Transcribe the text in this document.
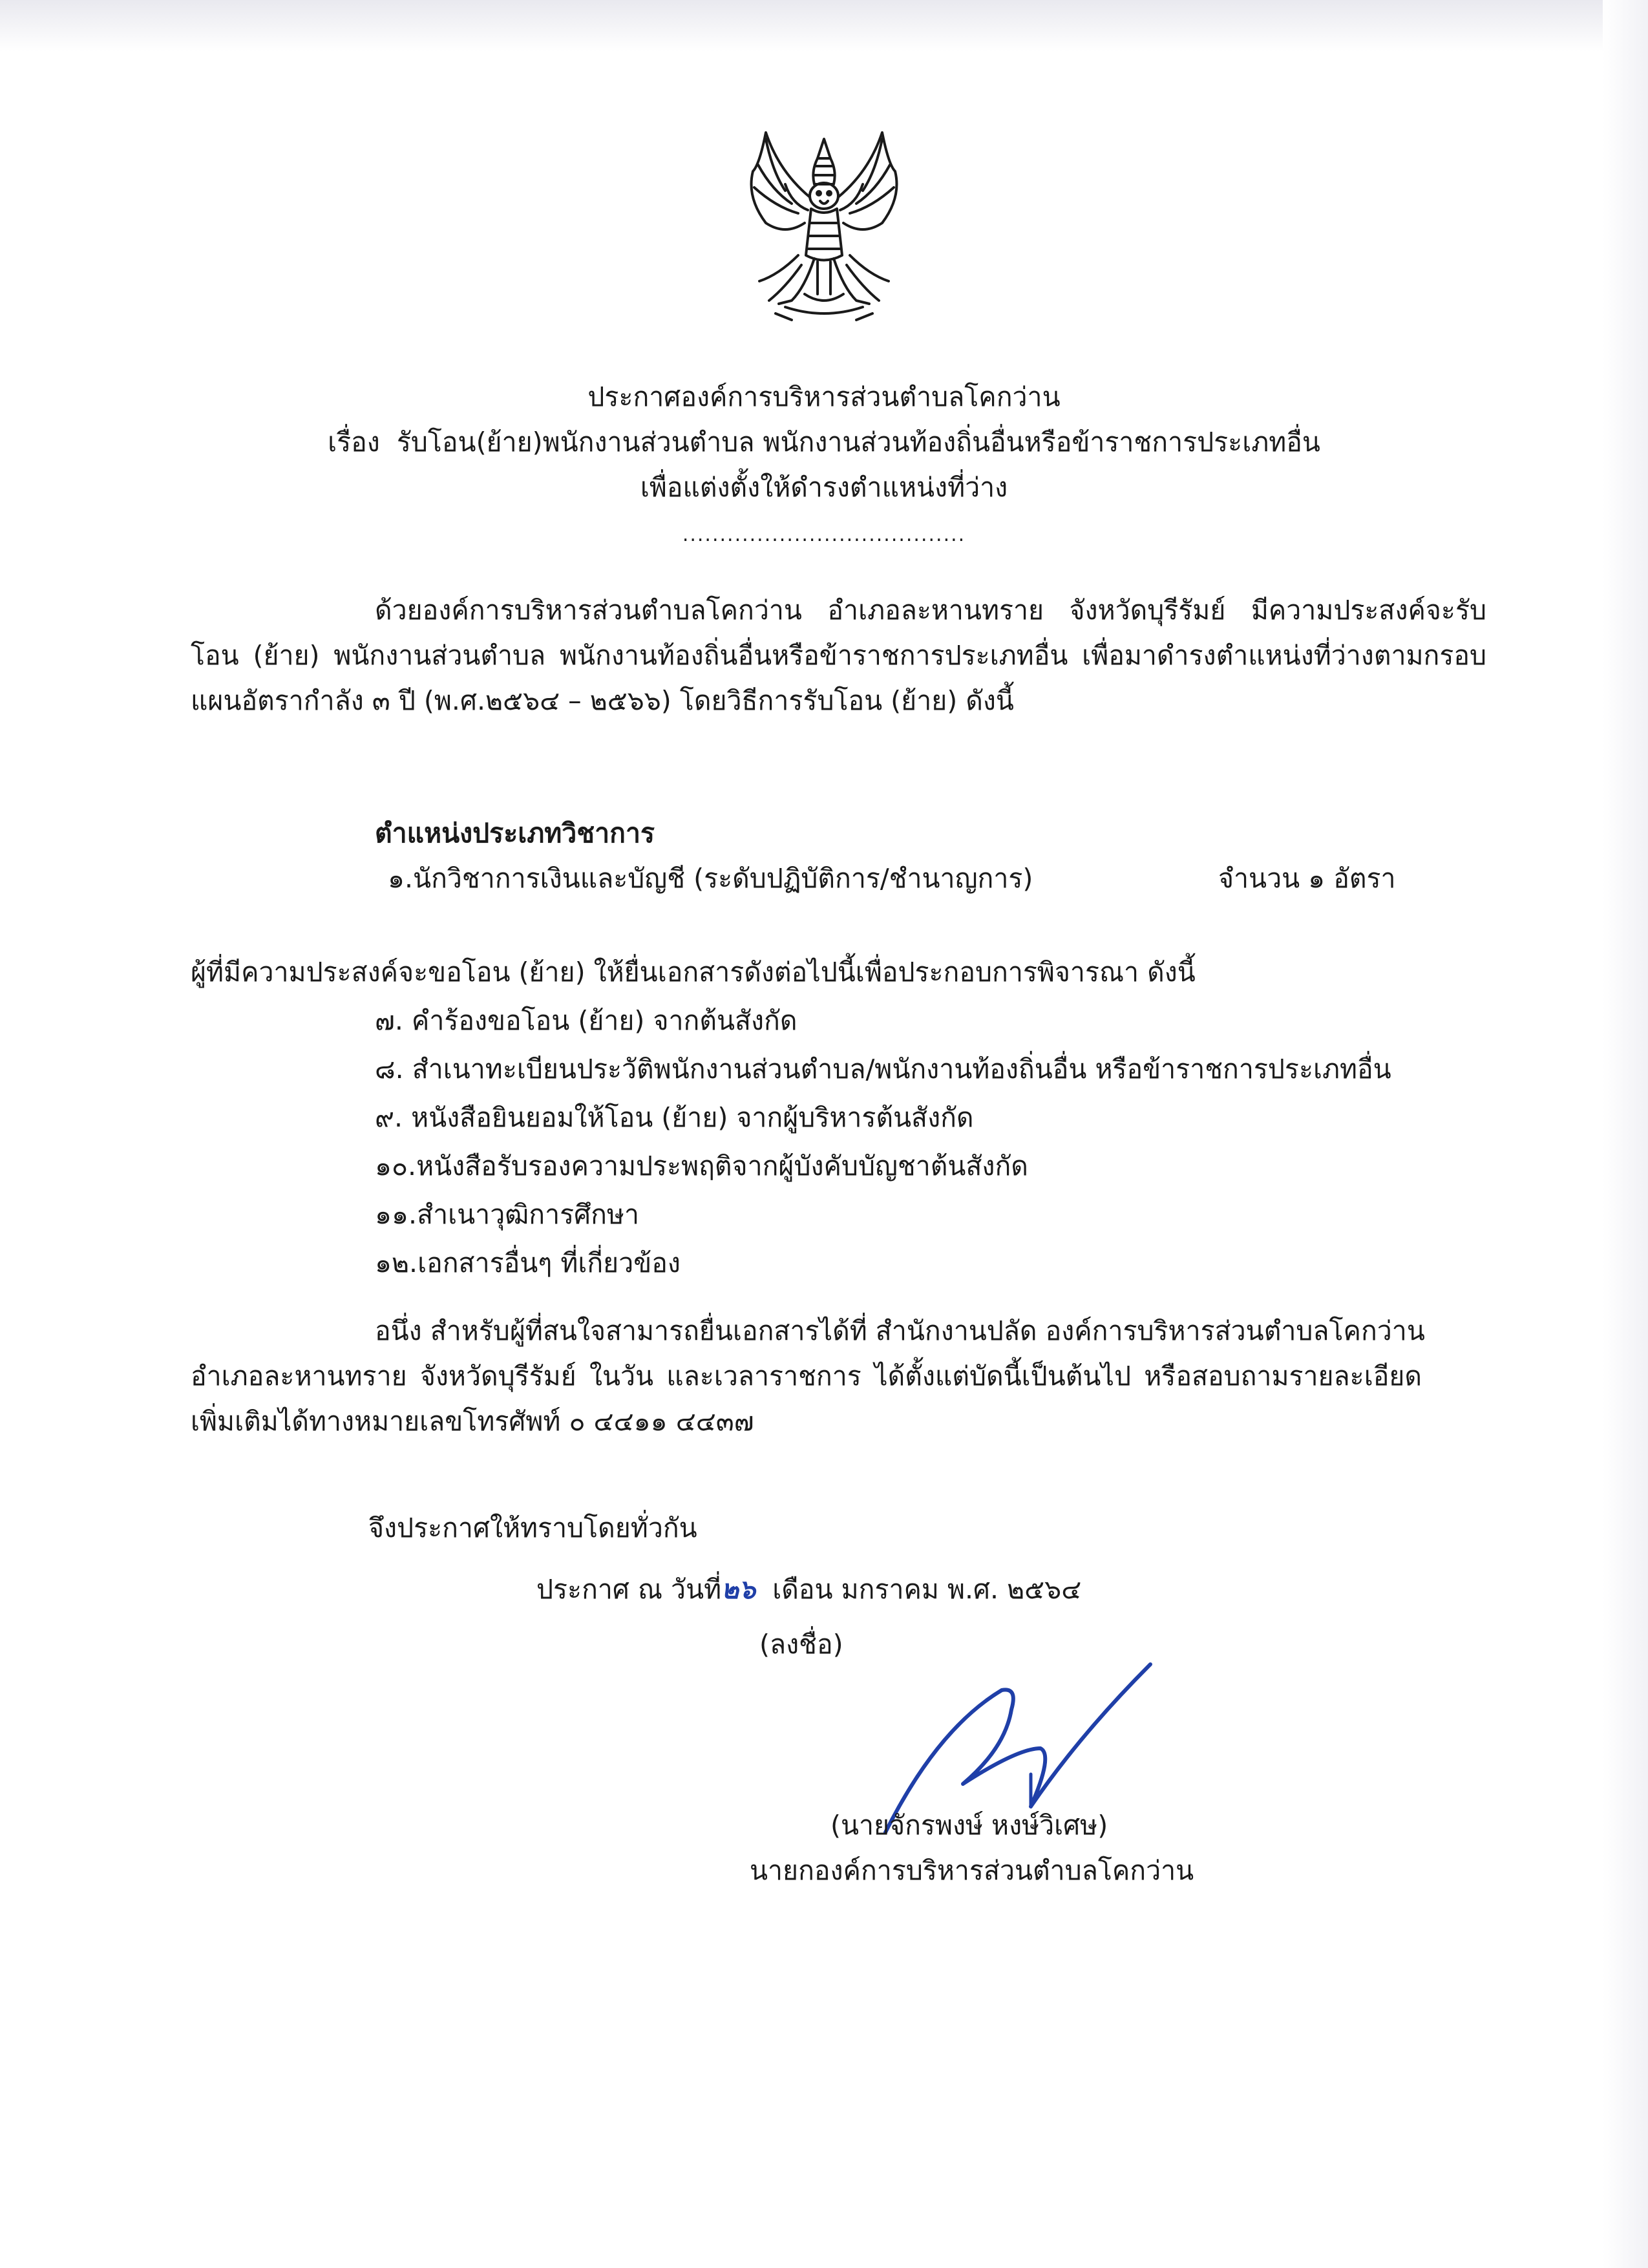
ประกาศองค์การบริหารส่วนตำบลโคกว่าน
เรื่อง รับโอน(ย้าย)พนักงานส่วนตำบล พนักงานส่วนท้องถิ่นอื่นหรือข้าราชการประเภทอื่น
เพื่อแต่งตั้งให้ดำรงตำแหน่งที่ว่าง
......................................
ด้วยองค์การบริหารส่วนตำบลโคกว่าน อำเภอละหานทราย จังหวัดบุรีรัมย์ มีความประสงค์จะรับ
โอน (ย้าย) พนักงานส่วนตำบล พนักงานท้องถิ่นอื่นหรือข้าราชการประเภทอื่น เพื่อมาดำรงตำแหน่งที่ว่างตามกรอบ
แผนอัตรากำลัง ๓ ปี (พ.ศ.๒๕๖๔ – ๒๕๖๖) โดยวิธีการรับโอน (ย้าย) ดังนี้
ตำแหน่งประเภทวิชาการ
๑.นักวิชาการเงินและบัญชี (ระดับปฏิบัติการ/ชำนาญการ)	จำนวน ๑ อัตรา
ผู้ที่มีความประสงค์จะขอโอน (ย้าย) ให้ยื่นเอกสารดังต่อไปนี้เพื่อประกอบการพิจารณา ดังนี้
๗. คำร้องขอโอน (ย้าย) จากต้นสังกัด
๘. สำเนาทะเบียนประวัติพนักงานส่วนตำบล/พนักงานท้องถิ่นอื่น หรือข้าราชการประเภทอื่น
๙. หนังสือยินยอมให้โอน (ย้าย) จากผู้บริหารต้นสังกัด
๑๐.หนังสือรับรองความประพฤติจากผู้บังคับบัญชาต้นสังกัด
๑๑.สำเนาวุฒิการศึกษา
๑๒.เอกสารอื่นๆ ที่เกี่ยวข้อง
อนึ่ง สำหรับผู้ที่สนใจสามารถยื่นเอกสารได้ที่ สำนักงานปลัด องค์การบริหารส่วนตำบลโคกว่าน
อำเภอละหานทราย จังหวัดบุรีรัมย์ ในวัน และเวลาราชการ ได้ตั้งแต่บัดนี้เป็นต้นไป หรือสอบถามรายละเอียด
เพิ่มเติมได้ทางหมายเลขโทรศัพท์ ๐ ๔๔๑๑ ๔๔๓๗
จึงประกาศให้ทราบโดยทั่วกัน
ประกาศ ณ วันที่๒๖ เดือน มกราคม พ.ศ. ๒๕๖๔
(ลงชื่อ)
(นายจักรพงษ์ หงษ์วิเศษ)
นายกองค์การบริหารส่วนตำบลโคกว่าน
